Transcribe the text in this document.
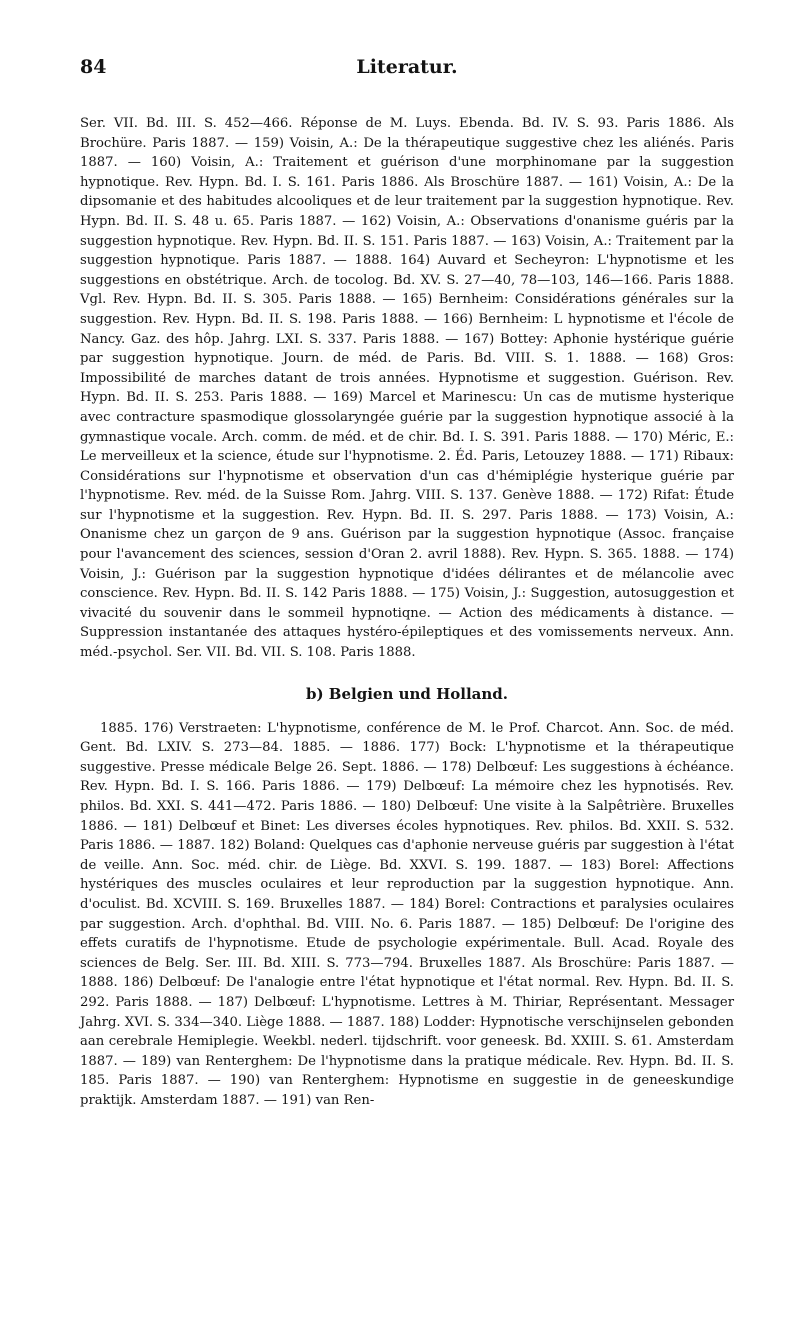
84	Literatur.

Ser. VII. Bd. III. S. 452—466. Réponse de M. Luys. Ebenda. Bd. IV. S. 93. Paris 1886. Als Brochüre. Paris 1887. — 159) Voisin, A.: De la thérapeutique suggestive chez les aliénés. Paris 1887. — 160) Voisin, A.: Traitement et guérison d'une morphinomane par la suggestion hypnotique. Rev. Hypn. Bd. I. S. 161. Paris 1886. Als Broschüre 1887. — 161) Voisin, A.: De la dipsomanie et des habitudes alcooliques et de leur traitement par la suggestion hypnotique. Rev. Hypn. Bd. II. S. 48 u. 65. Paris 1887. — 162) Voisin, A.: Observations d'onanisme guéris par la suggestion hypnotique. Rev. Hypn. Bd. II. S. 151. Paris 1887. — 163) Voisin, A.: Traitement par la suggestion hypnotique. Paris 1887. — 1888. 164) Auvard et Secheyron: L'hypnotisme et les suggestions en obstétrique. Arch. de tocolog. Bd. XV. S. 27—40, 78—103, 146—166. Paris 1888. Vgl. Rev. Hypn. Bd. II. S. 305. Paris 1888. — 165) Bernheim: Considérations générales sur la suggestion. Rev. Hypn. Bd. II. S. 198. Paris 1888. — 166) Bernheim: L hypnotisme et l'école de Nancy. Gaz. des hôp. Jahrg. LXI. S. 337. Paris 1888. — 167) Bottey: Aphonie hystérique guérie par suggestion hypnotique. Journ. de méd. de Paris. Bd. VIII. S. 1. 1888. — 168) Gros: Impossibilité de marches datant de trois années. Hypnotisme et suggestion. Guérison. Rev. Hypn. Bd. II. S. 253. Paris 1888. — 169) Marcel et Marinescu: Un cas de mutisme hysterique avec contracture spasmodique glossolaryngée guérie par la suggestion hypnotique associé à la gymnastique vocale. Arch. comm. de méd. et de chir. Bd. I. S. 391. Paris 1888. — 170) Méric, E.: Le merveilleux et la science, étude sur l'hypnotisme. 2. Éd. Paris, Letouzey 1888. — 171) Ribaux: Considérations sur l'hypnotisme et observation d'un cas d'hémiplégie hysterique guérie par l'hypnotisme. Rev. méd. de la Suisse Rom. Jahrg. VIII. S. 137. Genève 1888. — 172) Rifat: Étude sur l'hypnotisme et la suggestion. Rev. Hypn. Bd. II. S. 297. Paris 1888. — 173) Voisin, A.: Onanisme chez un garçon de 9 ans. Guérison par la suggestion hypnotique (Assoc. française pour l'avancement des sciences, session d'Oran 2. avril 1888). Rev. Hypn. S. 365. 1888. — 174) Voisin, J.: Guérison par la suggestion hypnotique d'idées délirantes et de mélancolie avec conscience. Rev. Hypn. Bd. II. S. 142 Paris 1888. — 175) Voisin, J.: Suggestion, autosuggestion et vivacité du souvenir dans le sommeil hypnotiqne. — Action des médicaments à distance. — Suppression instantanée des attaques hystéro-épileptiques et des vomissements nerveux. Ann. méd.-psychol. Ser. VII. Bd. VII. S. 108. Paris 1888.

b) Belgien und Holland.

1885. 176) Verstraeten: L'hypnotisme, conférence de M. le Prof. Charcot. Ann. Soc. de méd. Gent. Bd. LXIV. S. 273—84. 1885. — 1886. 177) Bock: L'hypnotisme et la thérapeutique suggestive. Presse médicale Belge 26. Sept. 1886. — 178) Delbœuf: Les suggestions à échéance. Rev. Hypn. Bd. I. S. 166. Paris 1886. — 179) Delbœuf: La mémoire chez les hypnotisés. Rev. philos. Bd. XXI. S. 441—472. Paris 1886. — 180) Delbœuf: Une visite à la Salpêtrière. Bruxelles 1886. — 181) Delbœuf et Binet: Les diverses écoles hypnotiques. Rev. philos. Bd. XXII. S. 532. Paris 1886. — 1887. 182) Boland: Quelques cas d'aphonie nerveuse guéris par suggestion à l'état de veille. Ann. Soc. méd. chir. de Liège. Bd. XXVI. S. 199. 1887. — 183) Borel: Affections hystériques des muscles oculaires et leur reproduction par la suggestion hypnotique. Ann. d'oculist. Bd. XCVIII. S. 169. Bruxelles 1887. — 184) Borel: Contractions et paralysies oculaires par suggestion. Arch. d'ophthal. Bd. VIII. No. 6. Paris 1887. — 185) Delbœuf: De l'origine des effets curatifs de l'hypnotisme. Etude de psychologie expérimentale. Bull. Acad. Royale des sciences de Belg. Ser. III. Bd. XIII. S. 773—794. Bruxelles 1887. Als Broschüre: Paris 1887. — 1888. 186) Delbœuf: De l'analogie entre l'état hypnotique et l'état normal. Rev. Hypn. Bd. II. S. 292. Paris 1888. — 187) Delbœuf: L'hypnotisme. Lettres à M. Thiriar, Représentant. Messager Jahrg. XVI. S. 334—340. Liège 1888. — 1887. 188) Lodder: Hypnotische verschijnselen gebonden aan cerebrale Hemiplegie. Weekbl. nederl. tijdschrift. voor geneesk. Bd. XXIII. S. 61. Amsterdam 1887. — 189) van Renterghem: De l'hypnotisme dans la pratique médicale. Rev. Hypn. Bd. II. S. 185. Paris 1887. — 190) van Renterghem: Hypnotisme en suggestie in de geneeskundige praktijk. Amsterdam 1887. — 191) van Ren-
